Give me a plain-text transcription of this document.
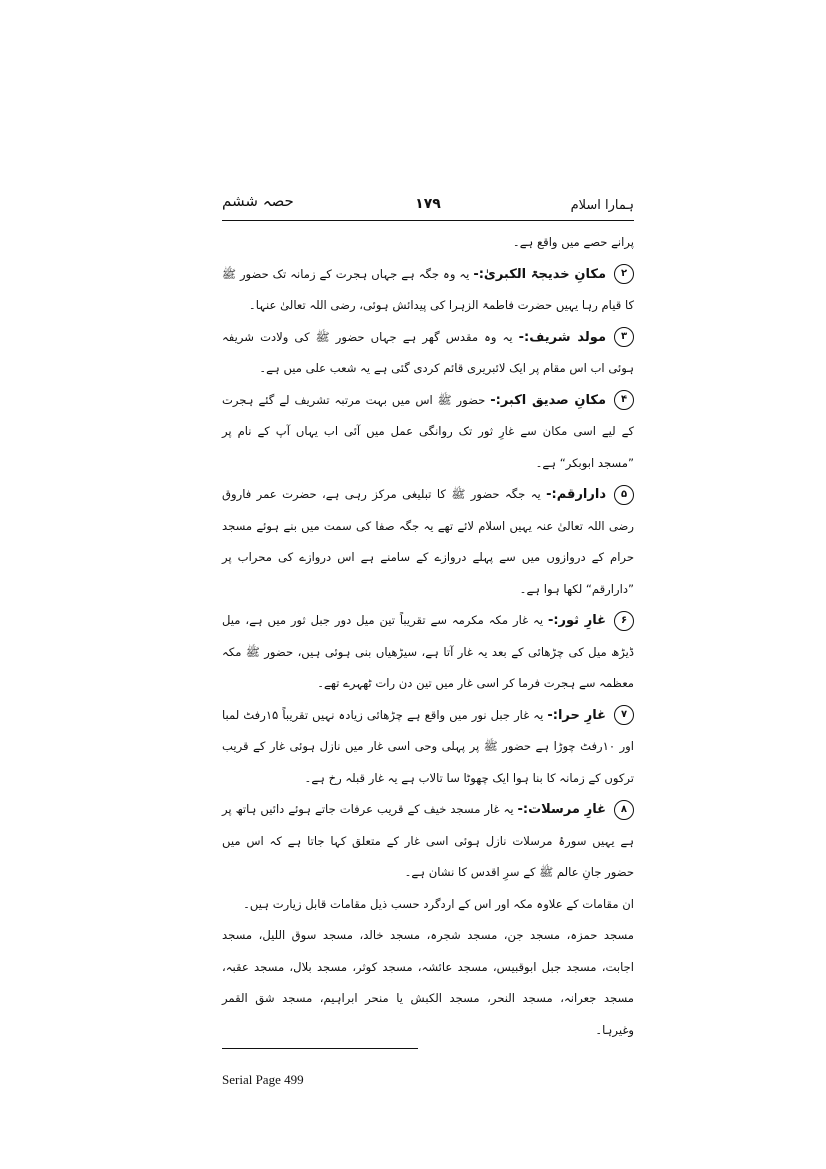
ہمارا اسلام
۱۷۹
حصہ ششم

پرانے حصے میں واقع ہے۔

۲مکانِ خدیجۃ الکبریٰ:- یہ وہ جگہ ہے جہاں ہجرت کے زمانہ تک حضور ﷺ کا قیام رہا یہیں حضرت فاطمۃ الزہرا کی پیدائش ہوئی، رضی اللہ تعالیٰ عنہا۔

۳مولد شریف:- یہ وہ مقدس گھر ہے جہاں حضور ﷺ کی ولادت شریفہ ہوئی اب اس مقام پر ایک لائبریری قائم کردی گئی ہے یہ شعب علی میں ہے۔

۴مکانِ صدیق اکبر:- حضور ﷺ اس میں بہت مرتبہ تشریف لے گئے ہجرت کے لیے اسی مکان سے غارِ ثور تک روانگی عمل میں آئی اب یہاں آپ کے نام پر ”مسجد ابوبکر“ ہے۔

۵دارارقم:- یہ جگہ حضور ﷺ کا تبلیغی مرکز رہی ہے، حضرت عمر فاروق رضی اللہ تعالیٰ عنہ یہیں اسلام لائے تھے یہ جگہ صفا کی سمت میں بنے ہوئے مسجد حرام کے دروازوں میں سے پہلے دروازے کے سامنے ہے اس دروازے کی محراب پر ”دارارقم“ لکھا ہوا ہے۔

۶غارِ ثور:- یہ غار مکہ مکرمہ سے تقریباً تین میل دور جبل ثور میں ہے، میل ڈیڑھ میل کی چڑھائی کے بعد یہ غار آتا ہے، سیڑھیاں بنی ہوئی ہیں، حضور ﷺ مکہ معظمہ سے ہجرت فرما کر اسی غار میں تین دن رات ٹھہرے تھے۔

۷غارِ حرا:- یہ غار جبل نور میں واقع ہے چڑھائی زیادہ نہیں تقریباً ۱۵رفٹ لمبا اور ۱۰رفٹ چوڑا ہے حضور ﷺ پر پہلی وحی اسی غار میں نازل ہوئی غار کے قریب ترکوں کے زمانہ کا بنا ہوا ایک چھوٹا سا تالاب ہے یہ غار قبلہ رخ ہے۔

۸غارِ مرسلات:- یہ غار مسجد خیف کے قریب عرفات جاتے ہوئے دائیں ہاتھ پر ہے یہیں سورۂ مرسلات نازل ہوئی اسی غار کے متعلق کہا جاتا ہے کہ اس میں حضور جانِ عالم ﷺ کے سرِ اقدس کا نشان ہے۔

ان مقامات کے علاوہ مکہ اور اس کے اردگرد حسب ذیل مقامات قابل زیارت ہیں۔

مسجد حمزہ، مسجد جن، مسجد شجرہ، مسجد خالد، مسجد سوق اللیل، مسجد اجابت، مسجد جبل ابوقبیس، مسجد عائشہ، مسجد کوثر، مسجد بلال، مسجد عقبہ، مسجد جعرانہ، مسجد النحر، مسجد الکبش یا منحر ابراہیم، مسجد شق القمر وغیرہا۔

Serial Page 499
